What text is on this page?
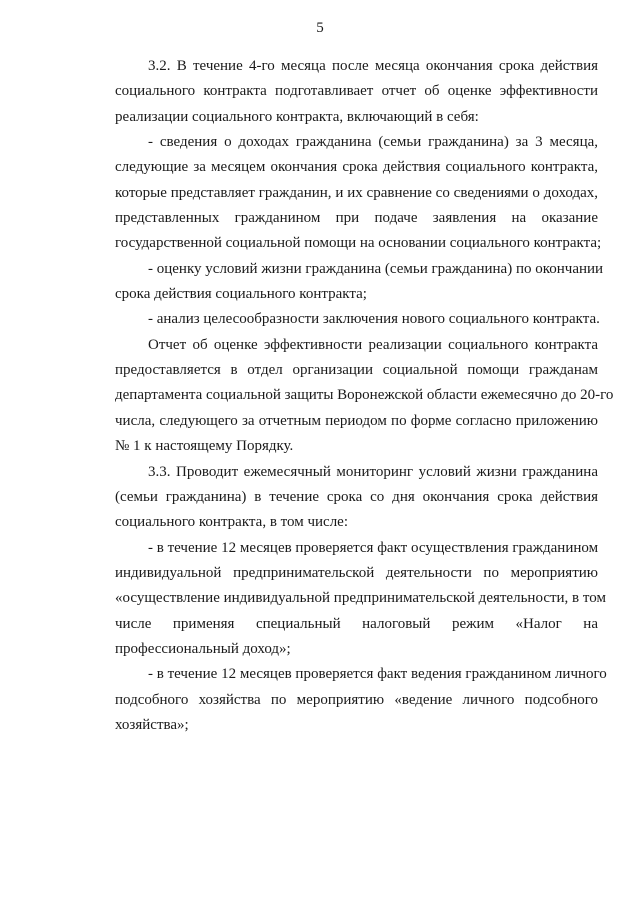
5

3.2. В течение 4-го месяца после месяца окончания срока действия
социального контракта подготавливает отчет об оценке эффективности
реализации социального контракта, включающий в себя:

- сведения о доходах гражданина (семьи гражданина) за 3 месяца,
следующие за месяцем окончания срока действия социального контракта,
которые представляет гражданин, и их сравнение со сведениями о доходах,
представленных гражданином при подаче заявления на оказание
государственной социальной помощи на основании социального контракта;

- оценку условий жизни гражданина (семьи гражданина) по окончании
срока действия социального контракта;

- анализ целесообразности заключения нового социального контракта.

Отчет об оценке эффективности реализации социального контракта
предоставляется в отдел организации социальной помощи гражданам
департамента социальной защиты Воронежской области ежемесячно до 20-го
числа, следующего за отчетным периодом по форме согласно приложению
№ 1 к настоящему Порядку.

3.3. Проводит ежемесячный мониторинг условий жизни гражданина
(семьи гражданина) в течение срока со дня окончания срока действия
социального контракта, в том числе:

- в течение 12 месяцев проверяется факт осуществления гражданином
индивидуальной предпринимательской деятельности по мероприятию
«осуществление индивидуальной предпринимательской деятельности, в том
числе применяя специальный налоговый режим «Налог на
профессиональный доход»;

- в течение 12 месяцев проверяется факт ведения гражданином личного
подсобного хозяйства по мероприятию «ведение личного подсобного
хозяйства»;
